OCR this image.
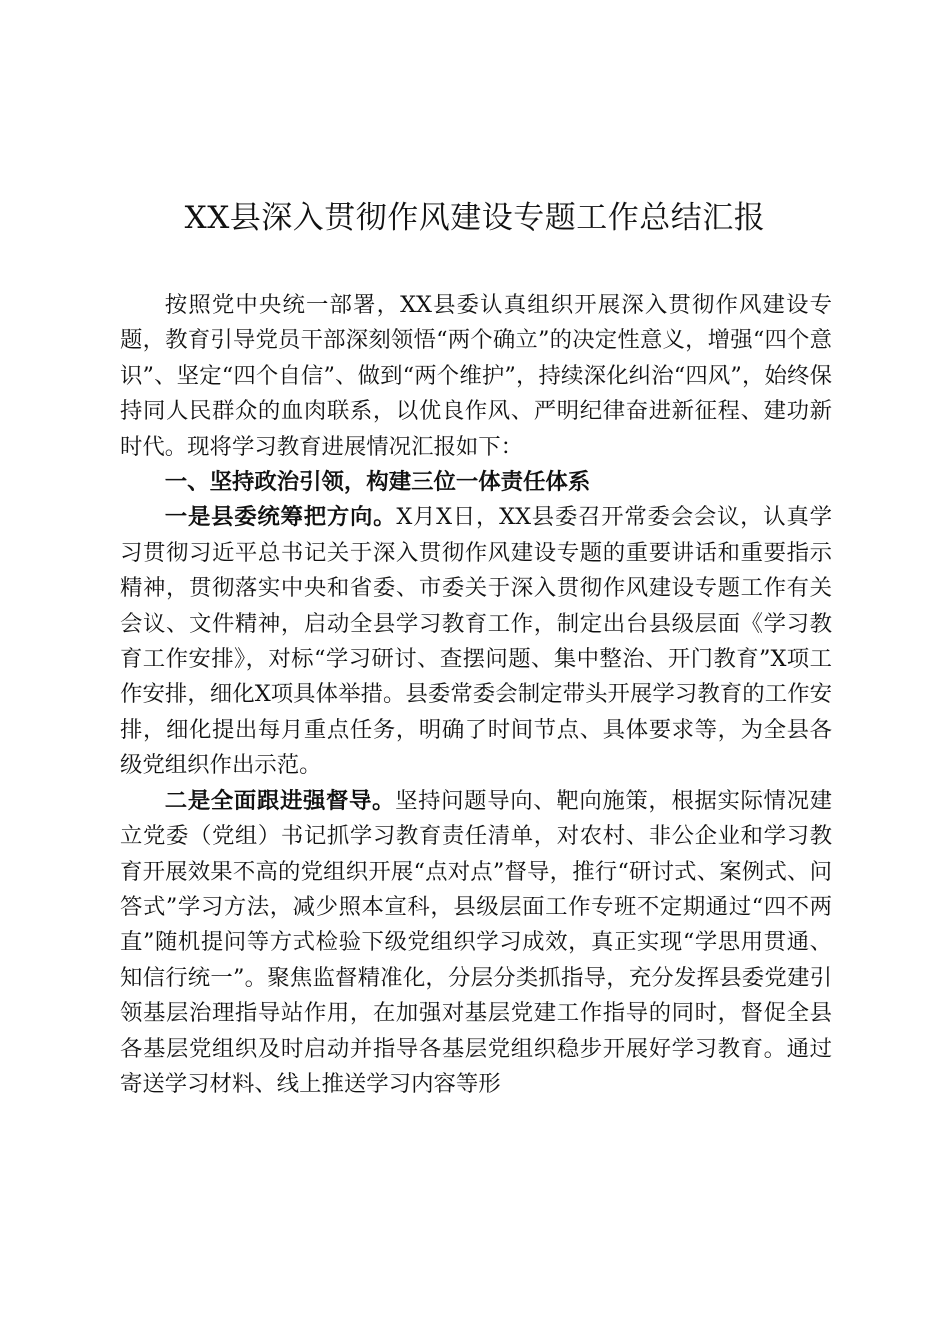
XX县深入贯彻作风建设专题工作总结汇报

按照党中央统一部署，XX县委认真组织开展深入贯彻作风建设专题，教育引导党员干部深刻领悟“两个确立”的决定性意义，增强“四个意识”、坚定“四个自信”、做到“两个维护”，持续深化纠治“四风”，始终保持同人民群众的血肉联系，以优良作风、严明纪律奋进新征程、建功新时代。现将学习教育进展情况汇报如下：

一、坚持政治引领，构建三位一体责任体系

一是县委统筹把方向。X月X日，XX县委召开常委会会议，认真学习贯彻习近平总书记关于深入贯彻作风建设专题的重要讲话和重要指示精神，贯彻落实中央和省委、市委关于深入贯彻作风建设专题工作有关会议、文件精神，启动全县学习教育工作，制定出台县级层面《学习教育工作安排》，对标“学习研讨、查摆问题、集中整治、开门教育”X项工作安排，细化X项具体举措。县委常委会制定带头开展学习教育的工作安排，细化提出每月重点任务，明确了时间节点、具体要求等，为全县各级党组织作出示范。

二是全面跟进强督导。坚持问题导向、靶向施策，根据实际情况建立党委（党组）书记抓学习教育责任清单，对农村、非公企业和学习教育开展效果不高的党组织开展“点对点”督导，推行“研讨式、案例式、问答式”学习方法，减少照本宣科，县级层面工作专班不定期通过“四不两直”随机提问等方式检验下级党组织学习成效，真正实现“学思用贯通、知信行统一”。聚焦监督精准化，分层分类抓指导，充分发挥县委党建引领基层治理指导站作用，在加强对基层党建工作指导的同时，督促全县各基层党组织及时启动并指导各基层党组织稳步开展好学习教育。通过寄送学习材料、线上推送学习内容等形
